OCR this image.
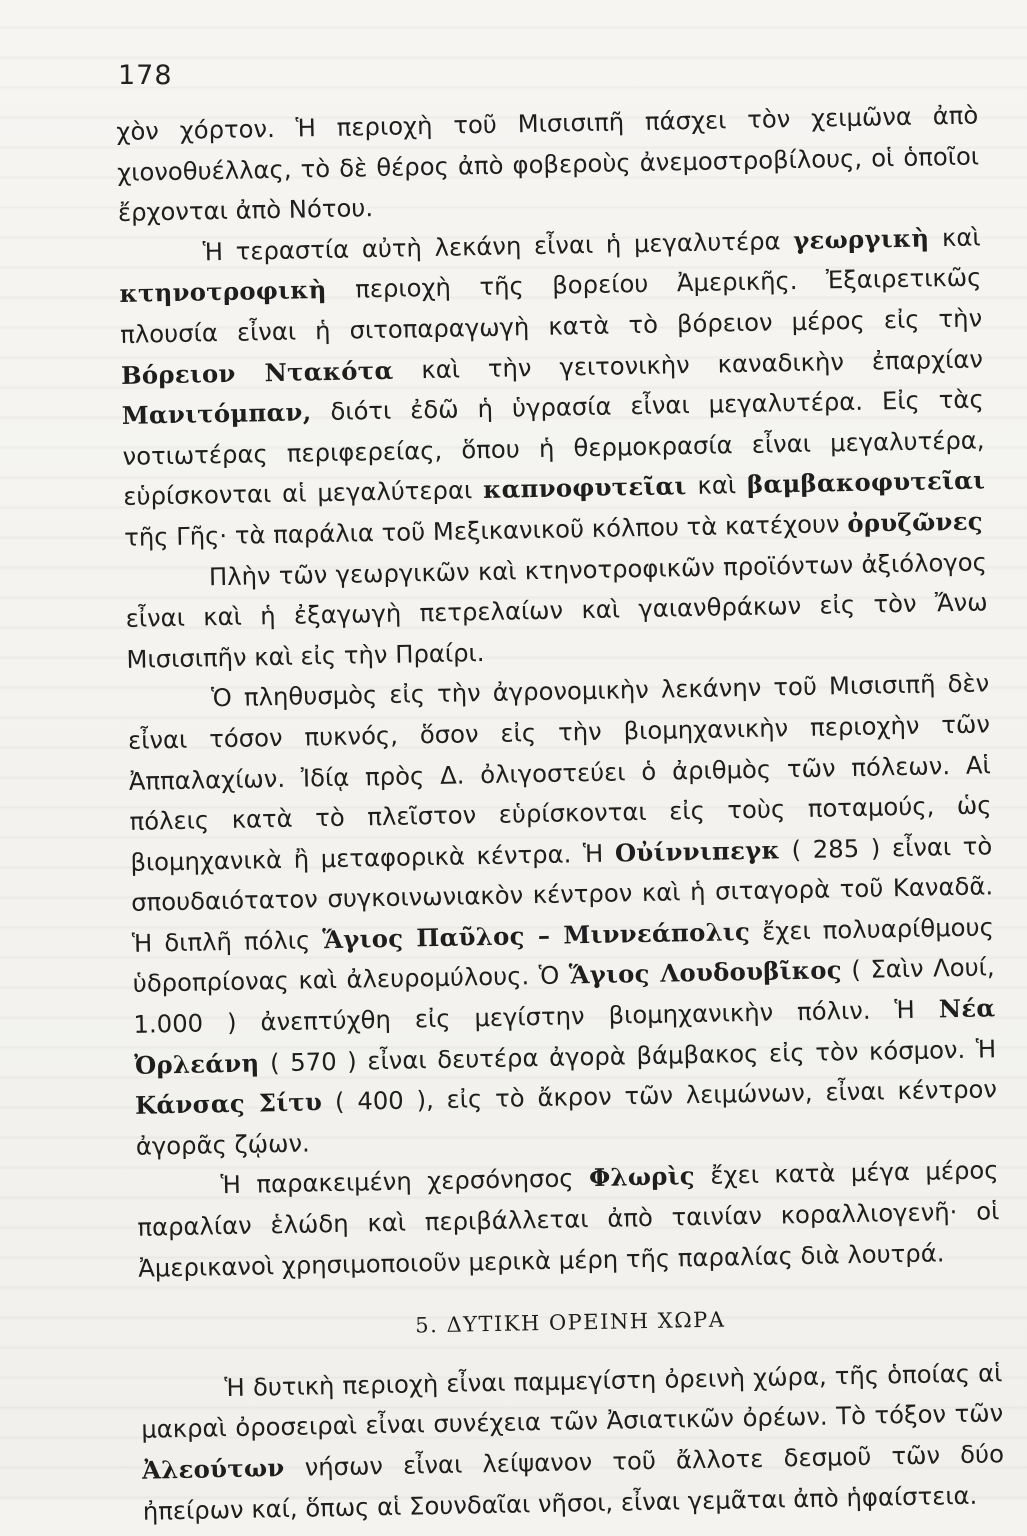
178

χὸν χόρτον. Ἡ περιοχὴ τοῦ Μισισιπῆ πάσχει τὸν χειμῶνα ἀπὸ χιονοθυέλλας, τὸ δὲ θέρος ἀπὸ φοβεροὺς ἀνεμοστροβίλους, οἱ ὁποῖοι ἔρχονται ἀπὸ Νότου.

Ἡ τεραστία αὐτὴ λεκάνη εἶναι ἡ μεγαλυτέρα γεωργικὴ καὶ κτηνοτροφικὴ περιοχὴ τῆς βορείου Ἀμερικῆς. Ἐξαιρετικῶς πλουσία εἶναι ἡ σιτοπαραγωγὴ κατὰ τὸ βόρειον μέρος εἰς τὴν Βόρειον Ντακότα καὶ τὴν γειτονικὴν καναδικὴν ἐπαρχίαν Μανιτόμπαν, διότι ἐδῶ ἡ ὑγρασία εἶναι μεγαλυτέρα. Εἰς τὰς νοτιωτέρας περιφερείας, ὅπου ἡ θερμοκρασία εἶναι μεγαλυτέρα, εὑρίσκονται αἱ μεγαλύτεραι καπνοφυτεῖαι καὶ βαμβακοφυτεῖαι τῆς Γῆς· τὰ παράλια τοῦ Μεξικανικοῦ κόλπου τὰ κατέχουν ὀρυζῶνες

Πλὴν τῶν γεωργικῶν καὶ κτηνοτροφικῶν προϊόντων ἀξιόλογος εἶναι καὶ ἡ ἐξαγωγὴ πετρελαίων καὶ γαιανθράκων εἰς τὸν Ἄνω Μισισιπῆν καὶ εἰς τὴν Πραίρι.

Ὁ πληθυσμὸς εἰς τὴν ἀγρονομικὴν λεκάνην τοῦ Μισισιπῆ δὲν εἶναι τόσον πυκνός, ὅσον εἰς τὴν βιομηχανικὴν περιοχὴν τῶν Ἀππαλαχίων. Ἰδίᾳ πρὸς Δ. ὀλιγοστεύει ὁ ἀριθμὸς τῶν πόλεων. Αἱ πόλεις κατὰ τὸ πλεῖστον εὑρίσκονται εἰς τοὺς ποταμούς, ὡς βιομηχανικὰ ἢ μεταφορικὰ κέντρα. Ἡ Οὐίννιπεγκ ( 285 ) εἶναι τὸ σπουδαιότατον συγκοινωνιακὸν κέντρον καὶ ἡ σιταγορὰ τοῦ Καναδᾶ. Ἡ διπλῆ πόλις Ἅγιος Παῦλος – Μιννεάπολις ἔχει πολυαρίθμους ὑδροπρίονας καὶ ἀλευρομύλους. Ὁ Ἅγιος Λουδουβῖκος ( Σαὶν Λουί, 1.000 ) ἀνεπτύχθη εἰς μεγίστην βιομηχανικὴν πόλιν. Ἡ Νέα Ὀρλεάνη ( 570 ) εἶναι δευτέρα ἀγορὰ βάμβακος εἰς τὸν κόσμον. Ἡ Κάνσας Σίτυ ( 400 ), εἰς τὸ ἄκρον τῶν λειμώνων, εἶναι κέντρον ἀγορᾶς ζῴων.

Ἡ παρακειμένη χερσόνησος Φλωρὶς ἔχει κατὰ μέγα μέρος παραλίαν ἑλώδη καὶ περιβάλλεται ἀπὸ ταινίαν κοραλλιογενῆ· οἱ Ἀμερικανοὶ χρησιμοποιοῦν μερικὰ μέρη τῆς παραλίας διὰ λουτρά.

5. ΔΥΤΙΚΗ ΟΡΕΙΝΗ ΧΩΡΑ

Ἡ δυτικὴ περιοχὴ εἶναι παμμεγίστη ὀρεινὴ χώρα, τῆς ὁποίας αἱ μακραὶ ὀροσειραὶ εἶναι συνέχεια τῶν Ἀσιατικῶν ὀρέων. Τὸ τόξον τῶν Ἀλεούτων νήσων εἶναι λείψανον τοῦ ἄλλοτε δεσμοῦ τῶν δύο ἠπείρων καί, ὅπως αἱ Σουνδαῖαι νῆσοι, εἶναι γεμᾶται ἀπὸ ἡφαίστεια.
